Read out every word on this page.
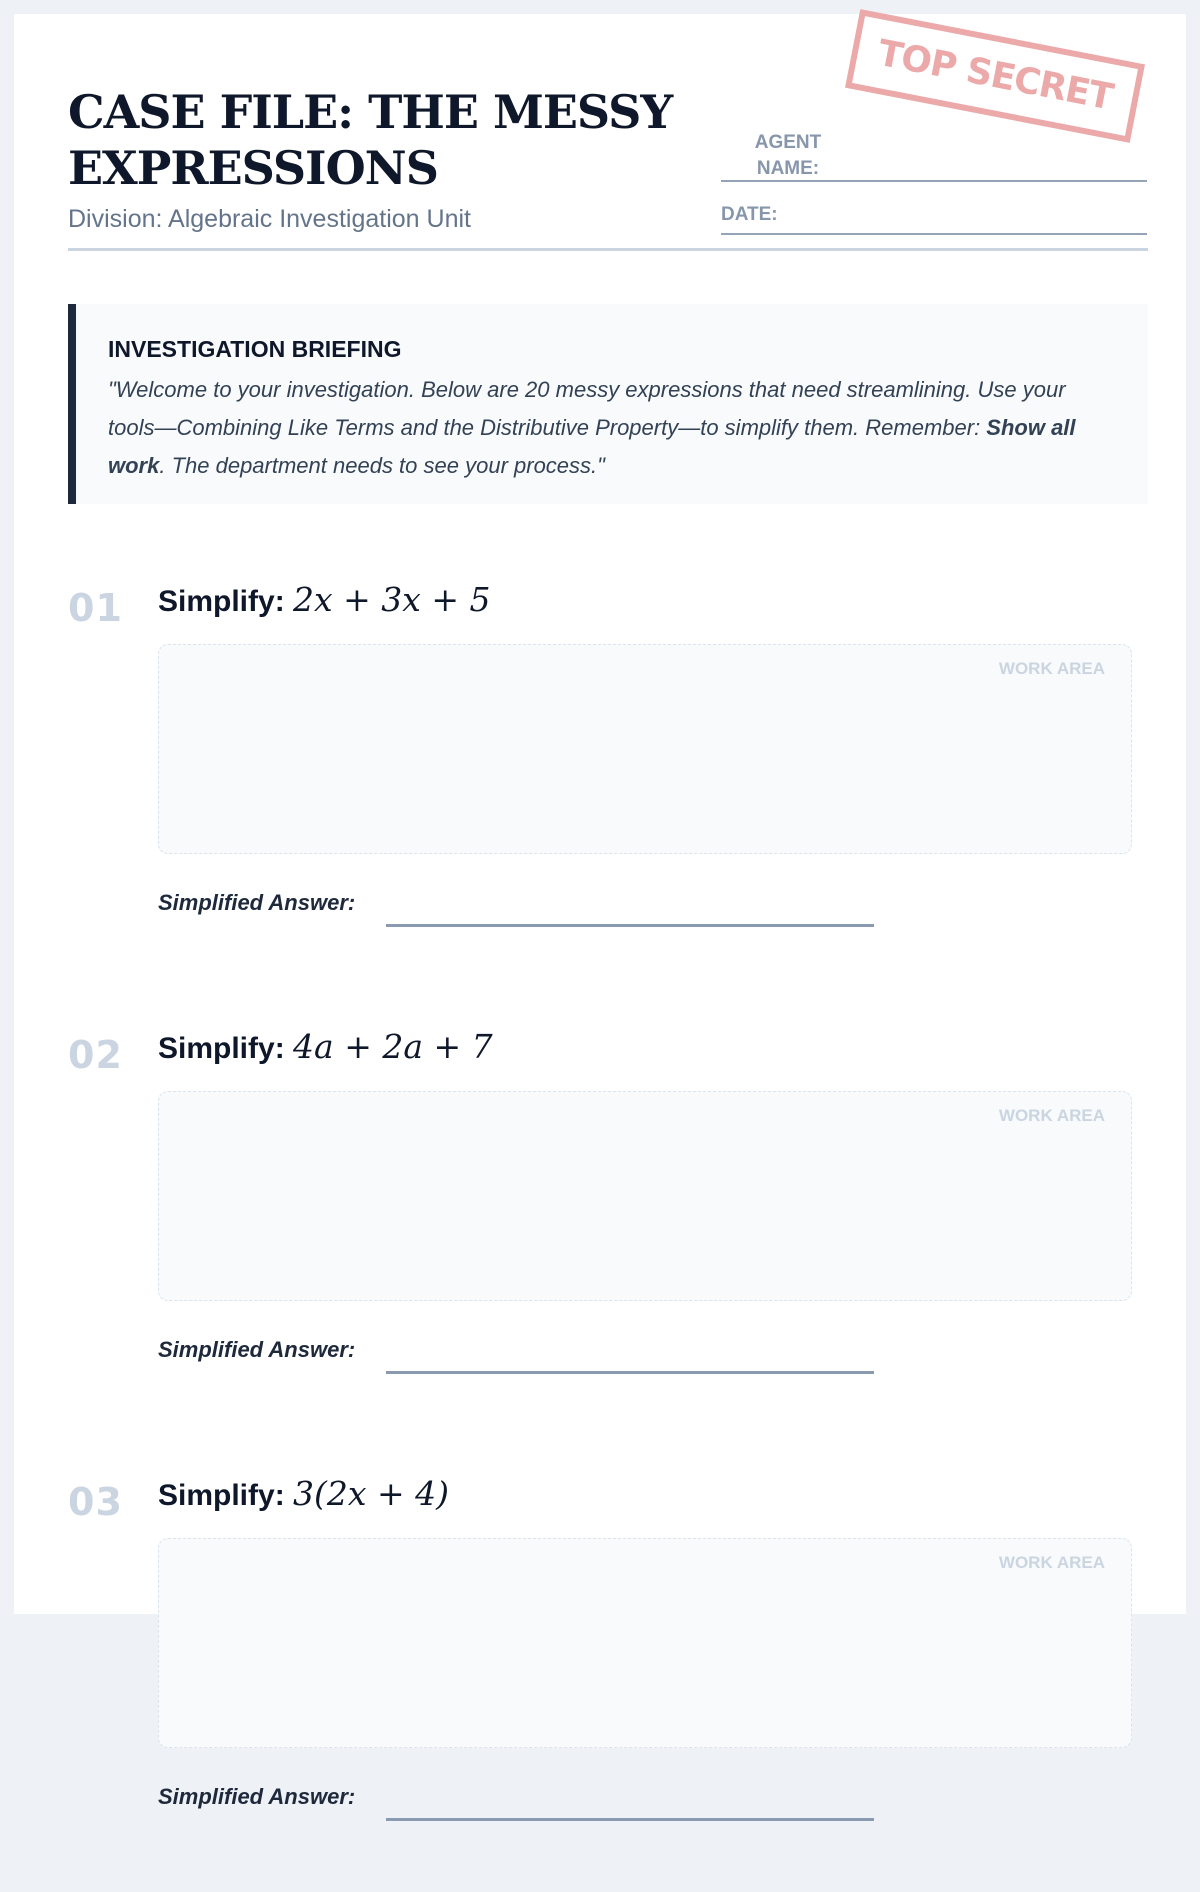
CASE FILE: THE MESSY EXPRESSIONS
Division: Algebraic Investigation Unit
AGENT NAME:
DATE:
TOP SECRET
INVESTIGATION BRIEFING
"Welcome to your investigation. Below are 20 messy expressions that need streamlining. Use your tools—Combining Like Terms and the Distributive Property—to simplify them. Remember: Show all work. The department needs to see your process."
01 Simplify: 2x + 3x + 5
WORK AREA
Simplified Answer:
02 Simplify: 4a + 2a + 7
WORK AREA
Simplified Answer:
03 Simplify: 3(2x + 4)
WORK AREA
Simplified Answer:
